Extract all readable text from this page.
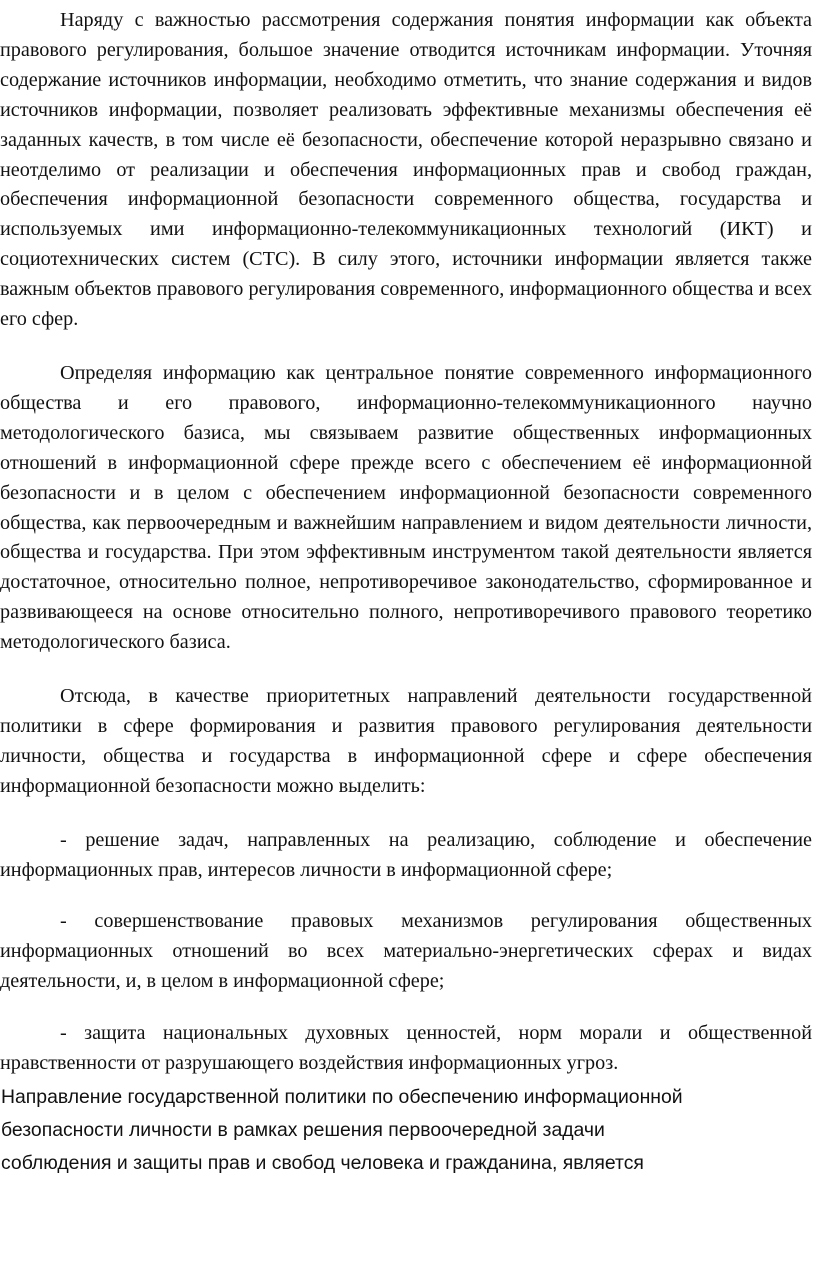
Наряду с важностью рассмотрения содержания понятия информации как объекта правового регулирования, большое значение отводится источникам информации. Уточняя содержание источников информации, необходимо отметить, что знание содержания и видов источников информации, позволяет реализовать эффективные механизмы обеспечения её заданных качеств, в том числе её безопасности, обеспечение которой неразрывно связано и неотделимо от реализации и обеспечения информационных прав и свобод граждан, обеспечения информационной безопасности современного общества, государства и используемых ими информационно-телекоммуникационных технологий (ИКТ) и социотехнических систем (СТС). В силу этого, источники информации является также важным объектов правового регулирования современного, информационного общества и всех его сфер.

Определяя информацию как центральное понятие современного информационного общества и его правового, информационно-телекоммуникационного научно методологического базиса, мы связываем развитие общественных информационных отношений в информационной сфере прежде всего с обеспечением её информационной безопасности и в целом с обеспечением информационной безопасности современного общества, как первоочередным и важнейшим направлением и видом деятельности личности, общества и государства. При этом эффективным инструментом такой деятельности является достаточное, относительно полное, непротиворечивое законодательство, сформированное и развивающееся на основе относительно полного, непротиворечивого правового теоретико методологического базиса.

Отсюда, в качестве приоритетных направлений деятельности государственной политики в сфере формирования и развития правового регулирования деятельности личности, общества и государства в информационной сфере и сфере обеспечения информационной безопасности можно выделить:

- решение задач, направленных на реализацию, соблюдение и обеспечение информационных прав, интересов личности в информационной сфере;

- совершенствование правовых механизмов регулирования общественных информационных отношений во всех материально-энергетических сферах и видах деятельности, и, в целом в информационной сфере;

- защита национальных духовных ценностей, норм морали и общественной нравственности от разрушающего воздействия информационных угроз.

Направление государственной политики по обеспечению информационной
безопасности личности в рамках решения первоочередной задачи
соблюдения и защиты прав и свобод человека и гражданина, является
